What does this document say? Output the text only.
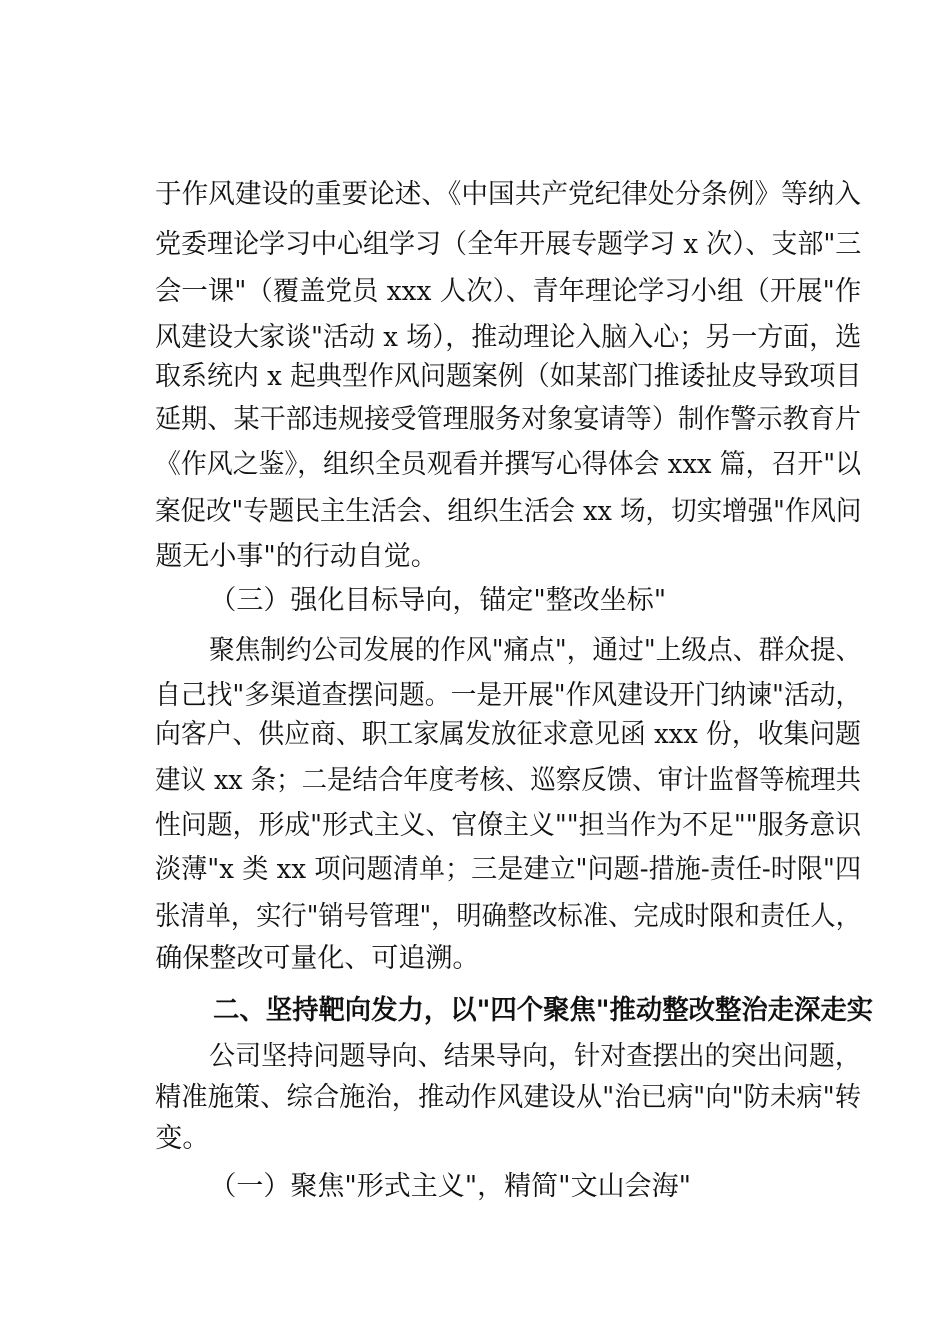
于作风建设的重要论述、《中国共产党纪律处分条例》等纳入

党委理论学习中心组学习（全年开展专题学习 x 次）、支部"三

会一课"（覆盖党员 xxx 人次）、青年理论学习小组（开展"作

风建设大家谈"活动 x 场），推动理论入脑入心；另一方面，选

取系统内 x 起典型作风问题案例（如某部门推诿扯皮导致项目

延期、某干部违规接受管理服务对象宴请等）制作警示教育片

《作风之鉴》，组织全员观看并撰写心得体会 xxx 篇，召开"以

案促改"专题民主生活会、组织生活会 xx 场，切实增强"作风问

题无小事"的行动自觉。

（三）强化目标导向，锚定"整改坐标"

聚焦制约公司发展的作风"痛点"，通过"上级点、群众提、

自己找"多渠道查摆问题。一是开展"作风建设开门纳谏"活动，

向客户、供应商、职工家属发放征求意见函 xxx 份，收集问题

建议 xx 条；二是结合年度考核、巡察反馈、审计监督等梳理共

性问题，形成"形式主义、官僚主义""担当作为不足""服务意识

淡薄"x 类 xx 项问题清单；三是建立"问题-措施-责任-时限"四

张清单，实行"销号管理"，明确整改标准、完成时限和责任人，

确保整改可量化、可追溯。

二、坚持靶向发力，以"四个聚焦"推动整改整治走深走实

公司坚持问题导向、结果导向，针对查摆出的突出问题，

精准施策、综合施治，推动作风建设从"治已病"向"防未病"转

变。

（一）聚焦"形式主义"，精简"文山会海"
